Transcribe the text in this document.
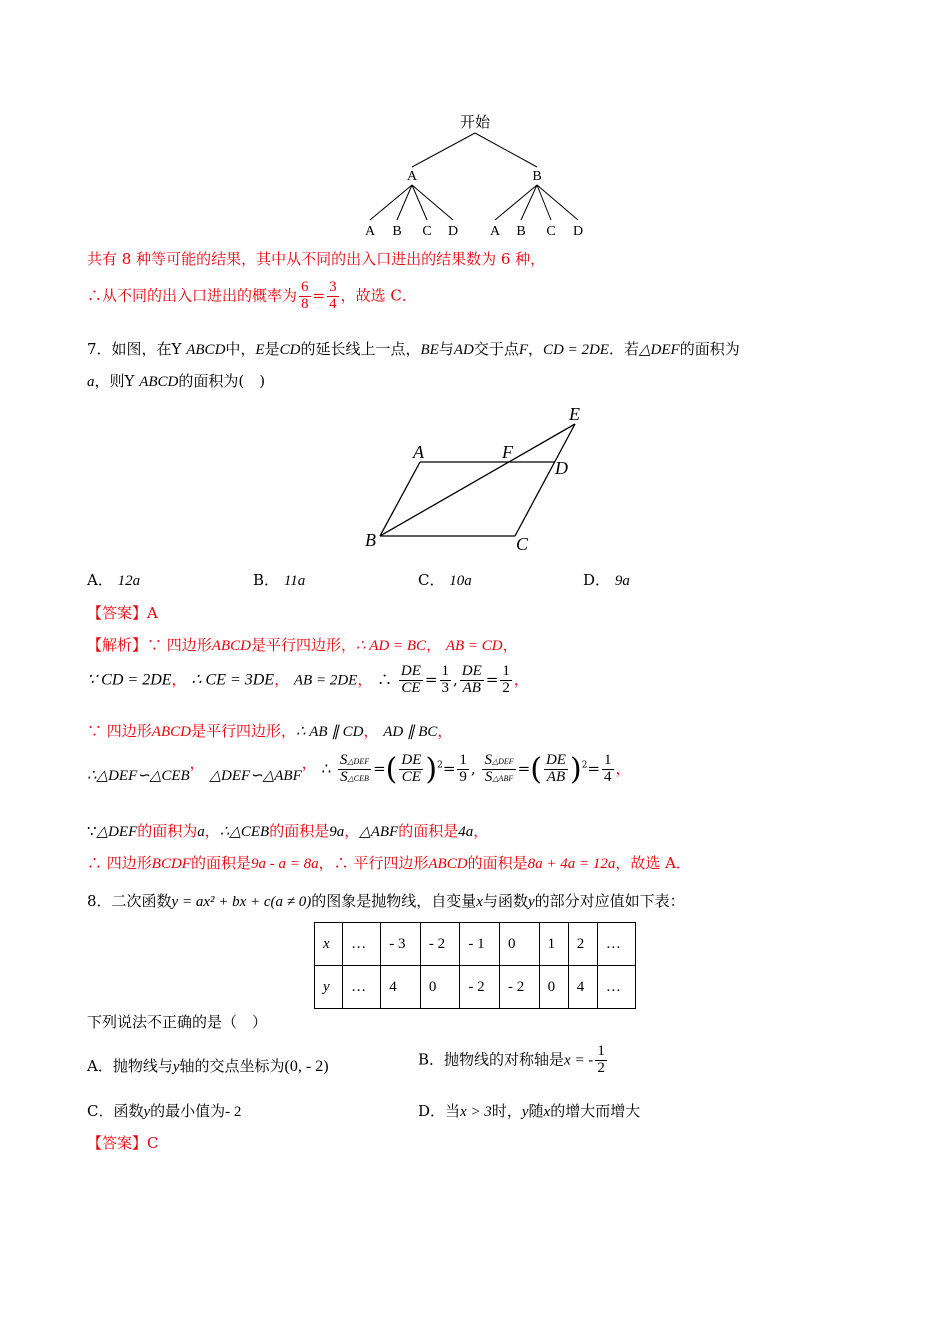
开始
A	B
A B C D A B C D
共有 8 种等可能的结果，其中从不同的出入口进出的结果数为 6 种，
∴从不同的出入口进出的概率为 $\frac{6}{8} = \frac{3}{4}$ ，故选 C．
7．如图，在Y ABCD中，E是CD的延长线上一点，BE与AD交于点F，CD = 2DE．若△DEF的面积为
a，则Y ABCD的面积为(　)
A	F
D
E
B	C
A． 12a	B． 11a	C． 10a	D． 9a
【答案】A
【解析】∵ 四边形ABCD是平行四边形，∴ AD = BC， AB = CD，
∵ CD = 2DE， ∴ CE = 3DE， AB = 2DE， ∴ $\frac{DE}{CE} = \frac{1}{3}$ , $\frac{DE}{AB} = \frac{1}{2}$ ，
∵ 四边形ABCD是平行四边形，∴ AB ∥ CD， AD ∥ BC，
∴△DEF∽△CEB， △DEF∽△ABF， ∴ $\frac{\text{S△DEF}}{\text{S△CEB}}$ =( $\frac{DE}{CE} )^2= \frac{1}{9}$ , $\frac{\text{S△DEF}}{\text{S△ABF}}$ =( $\frac{DE}{AB} )^2= \frac{1}{4}$ ，
∵△DEF的面积为a，∴△CEB的面积是9a，△ABF的面积是4a，
∴ 四边形BCDF的面积是9a - a = 8a，∴ 平行四边形ABCD的面积是8a + 4a = 12a，故选 A．
8．二次函数y = ax² + bx + c(a ≠ 0)的图象是抛物线，自变量x与函数y的部分对应值如下表：
x	…	- 3	- 2	- 1	0	1	2	…
y	…	4	0	- 2	- 2	0	4	…
下列说法不正确的是（　）
A．抛物线与y轴的交点坐标为(0, - 2)	B．抛物线的对称轴是x = - $\frac{1}{2}$
C．函数y的最小值为- 2	D．当x > 3时，y随x的增大而增大
【答案】C
